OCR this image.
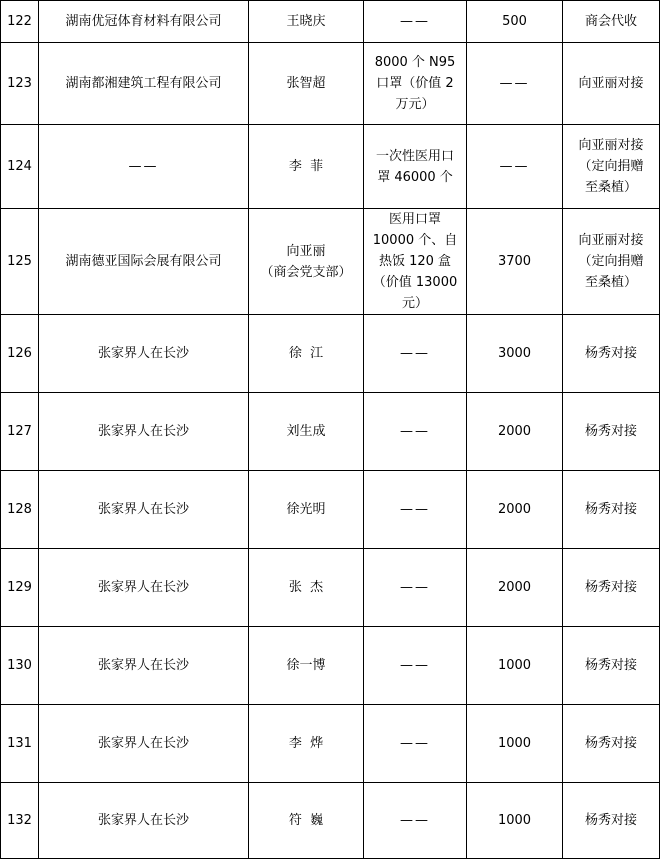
122	湖南优冠体育材料有限公司	王晓庆	——	500	商会代收
123	湖南都湘建筑工程有限公司	张智超	8000 个 N95
口罩（价值 2
万元）	——	向亚丽对接
124	——	李  菲	一次性医用口
罩 46000 个	——	向亚丽对接
（定向捐赠
至桑植）
125	湖南德亚国际会展有限公司	向亚丽
（商会党支部）	医用口罩
10000 个、自
热饭 120 盒
（价值 13000
元）	3700	向亚丽对接
（定向捐赠
至桑植）
126	张家界人在长沙	徐  江	——	3000	杨秀对接
127	张家界人在长沙	刘生成	——	2000	杨秀对接
128	张家界人在长沙	徐光明	——	2000	杨秀对接
129	张家界人在长沙	张  杰	——	2000	杨秀对接
130	张家界人在长沙	徐一博	——	1000	杨秀对接
131	张家界人在长沙	李  烨	——	1000	杨秀对接
132	张家界人在长沙	符  巍	——	1000	杨秀对接
